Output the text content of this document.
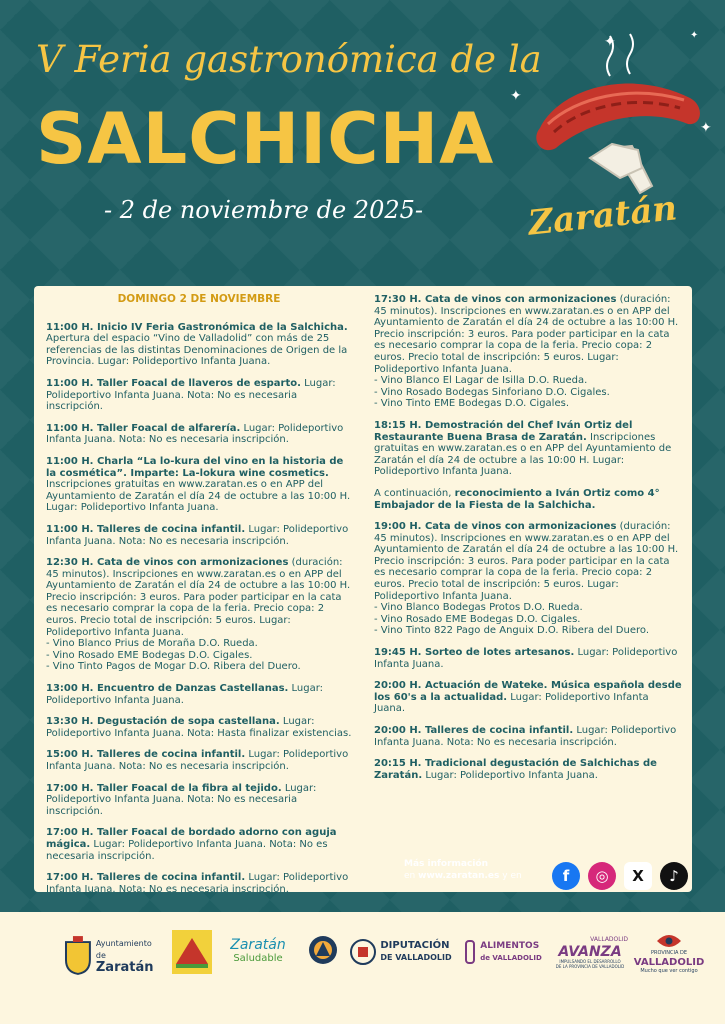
V Feria gastronómica de la
SALCHICHA
- 2 de noviembre de 2025-	Zaratán
✦
✦
✦
✦
DOMINGO 2 DE NOVIEMBRE
11:00 H. Inicio IV Feria Gastronómica de la Salchicha. Apertura del espacio “Vino de Valladolid” con más de 25 referencias de las distintas Denominaciones de Origen de la Provincia. Lugar: Polideportivo Infanta Juana.
11:00 H. Taller Foacal de llaveros de esparto. Lugar: Polideportivo Infanta Juana. Nota: No es necesaria inscripción.
11:00 H. Taller Foacal de alfarería. Lugar: Polideportivo Infanta Juana. Nota: No es necesaria inscripción.
11:00 H. Charla “La lo-kura del vino en la historia de la cosmética”. Imparte: La-lokura wine cosmetics. Inscripciones gratuitas en www.zaratan.es o en APP del Ayuntamiento de Zaratán el día 24 de octubre a las 10:00 H. Lugar: Polideportivo Infanta Juana.
11:00 H. Talleres de cocina infantil. Lugar: Polideportivo Infanta Juana. Nota: No es necesaria inscripción.
12:30 H. Cata de vinos con armonizaciones (duración: 45 minutos). Inscripciones en www.zaratan.es o en APP del Ayuntamiento de Zaratán el día 24 de octubre a las 10:00 H. Precio inscripción: 3 euros. Para poder participar en la cata es necesario comprar la copa de la feria. Precio copa: 2 euros. Precio total de inscripción: 5 euros. Lugar: Polideportivo Infanta Juana.
- Vino Blanco Prius de Moraña D.O. Rueda.
- Vino Rosado EME Bodegas D.O. Cigales.
- Vino Tinto Pagos de Mogar D.O. Ribera del Duero.
13:00 H. Encuentro de Danzas Castellanas. Lugar: Polideportivo Infanta Juana.
13:30 H. Degustación de sopa castellana. Lugar: Polideportivo Infanta Juana. Nota: Hasta finalizar existencias.
15:00 H. Talleres de cocina infantil. Lugar: Polideportivo Infanta Juana. Nota: No es necesaria inscripción.
17:00 H. Taller Foacal de la fibra al tejido. Lugar: Polideportivo Infanta Juana. Nota: No es necesaria inscripción.
17:00 H. Taller Foacal de bordado adorno con aguja mágica. Lugar: Polideportivo Infanta Juana. Nota: No es necesaria inscripción.
17:00 H. Talleres de cocina infantil. Lugar: Polideportivo Infanta Juana. Nota: No es necesaria inscripción.
17:30 H. Cata de vinos con armonizaciones (duración: 45 minutos). Inscripciones en www.zaratan.es o en APP del Ayuntamiento de Zaratán el día 24 de octubre a las 10:00 H. Precio inscripción: 3 euros. Para poder participar en la cata es necesario comprar la copa de la feria. Precio copa: 2 euros. Precio total de inscripción: 5 euros. Lugar: Polideportivo Infanta Juana.
- Vino Blanco El Lagar de Isilla D.O. Rueda.
- Vino Rosado Bodegas Sinforiano D.O. Cigales.
- Vino Tinto EME Bodegas D.O. Cigales.
18:15 H. Demostración del Chef Iván Ortiz del Restaurante Buena Brasa de Zaratán. Inscripciones gratuitas en www.zaratan.es o en APP del Ayuntamiento de Zaratán el día 24 de octubre a las 10:00 H. Lugar: Polideportivo Infanta Juana.
A continuación, reconocimiento a Iván Ortiz como 4° Embajador de la Fiesta de la Salchicha.
19:00 H. Cata de vinos con armonizaciones (duración: 45 minutos). Inscripciones en www.zaratan.es o en APP del Ayuntamiento de Zaratán el día 24 de octubre a las 10:00 H. Precio inscripción: 3 euros. Para poder participar en la cata es necesario comprar la copa de la feria. Precio copa: 2 euros. Precio total de inscripción: 5 euros. Lugar: Polideportivo Infanta Juana.
- Vino Blanco Bodegas Protos D.O. Rueda.
- Vino Rosado EME Bodegas D.O. Cigales.
- Vino Tinto 822 Pago de Anguix D.O. Ribera del Duero.
19:45 H. Sorteo de lotes artesanos. Lugar: Polideportivo Infanta Juana.
20:00 H. Actuación de Wateke. Música española desde los 60's a la actualidad. Lugar: Polideportivo Infanta Juana.
20:00 H. Talleres de cocina infantil. Lugar: Polideportivo Infanta Juana. Nota: No es necesaria inscripción.
20:15 H. Tradicional degustación de Salchichas de Zaratán. Lugar: Polideportivo Infanta Juana.
Más información
en www.zaratan.es y en	f	◎	X	♪
Ayuntamiento de
Zaratán
Zaratán
Saludable
DIPUTACIÓN
DE VALLADOLID
ALIMENTOS
de VALLADOLID
VALLADOLID
AVANZA
IMPULSANDO EL DESARROLLO
DE LA PROVINCIA DE VALLADOLID
PROVINCIA DE
VALLADOLID
Mucho que ver contigo
